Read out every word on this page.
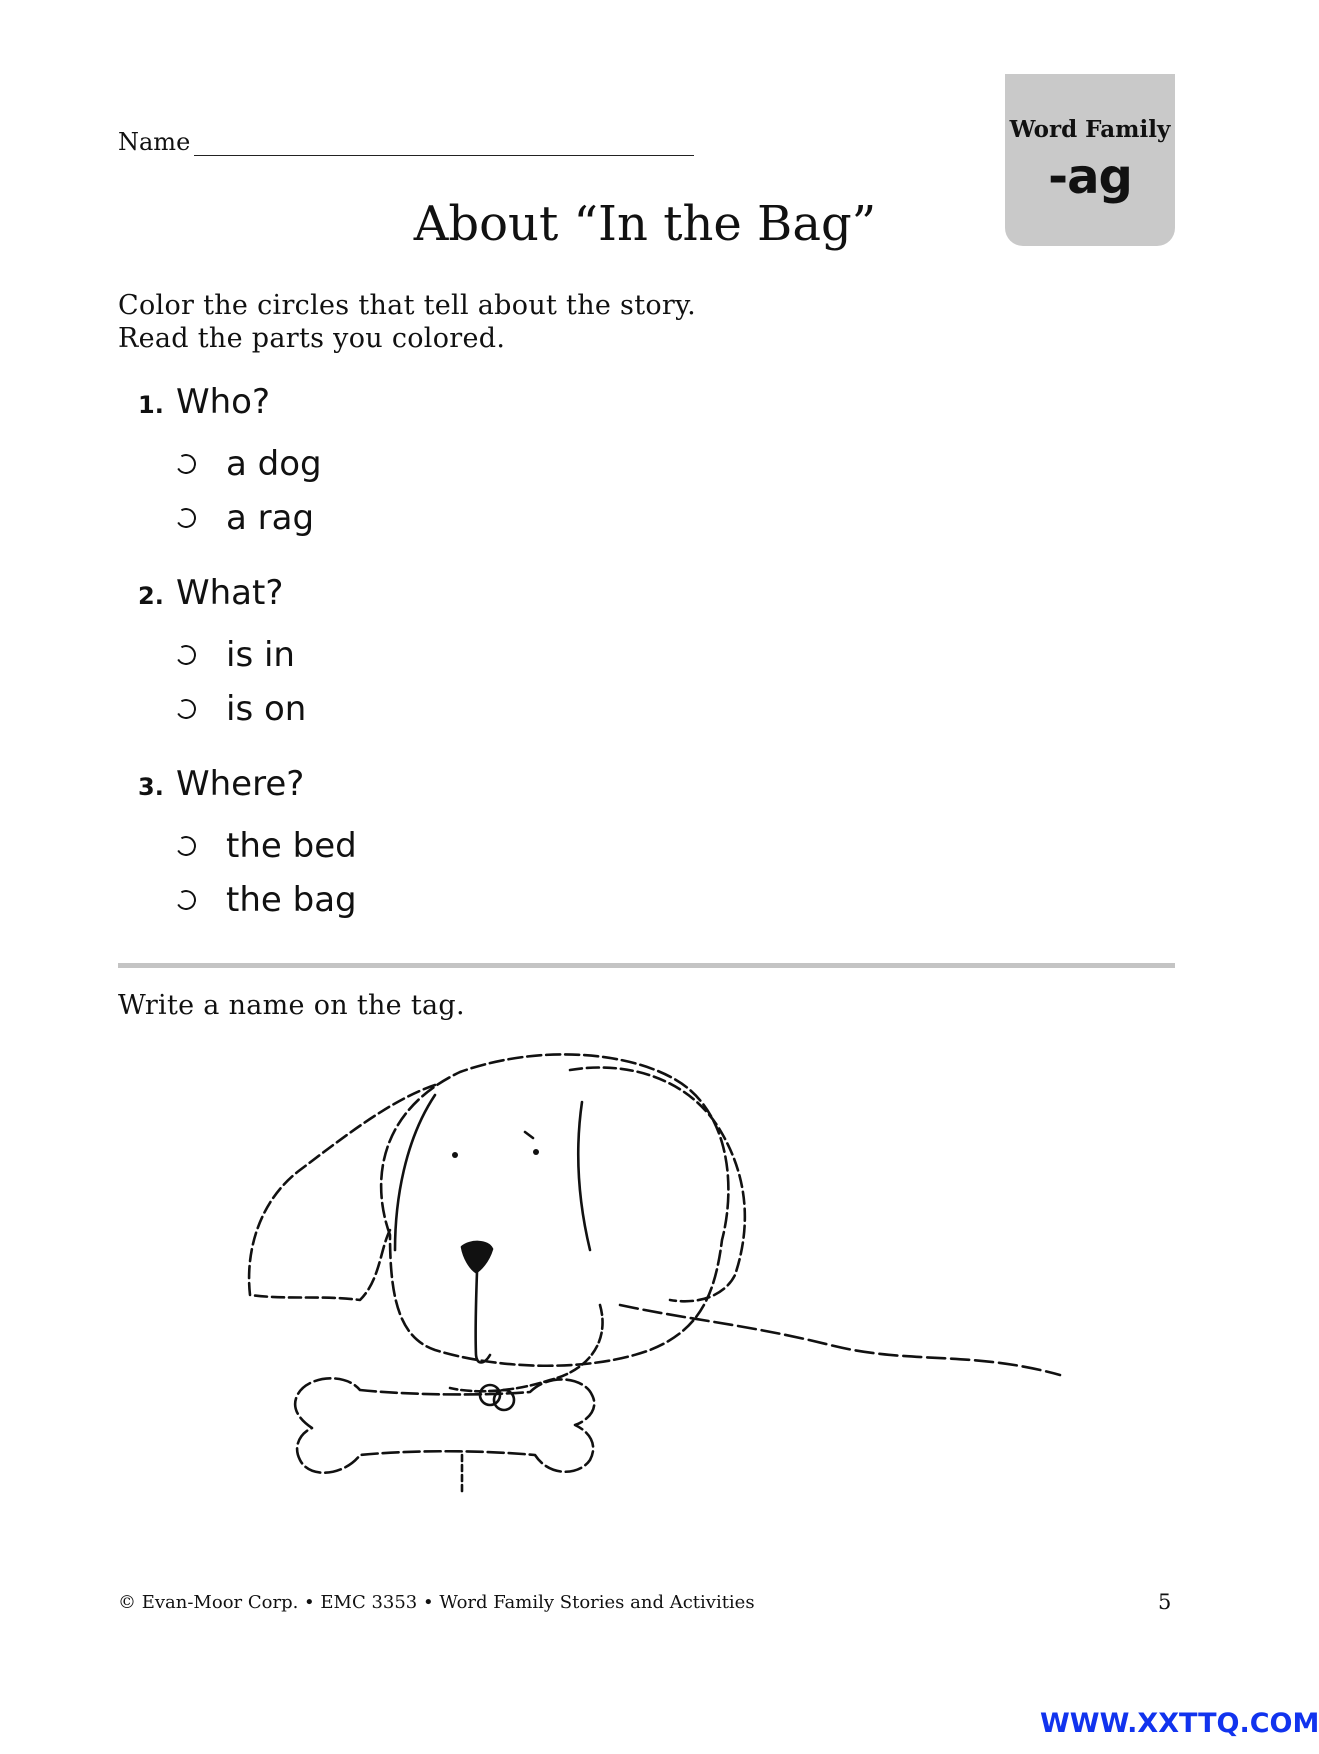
Name	Word Family
-ag
About “In the Bag”
Color the circles that tell about the story.
Read the parts you colored.
1. Who?
a dog
a rag
2. What?
is in
is on
3. Where?
the bed
the bag
Write a name on the tag.
© Evan-Moor Corp. • EMC 3353 • Word Family Stories and Activities	5
WWW.XXTTQ.COM
